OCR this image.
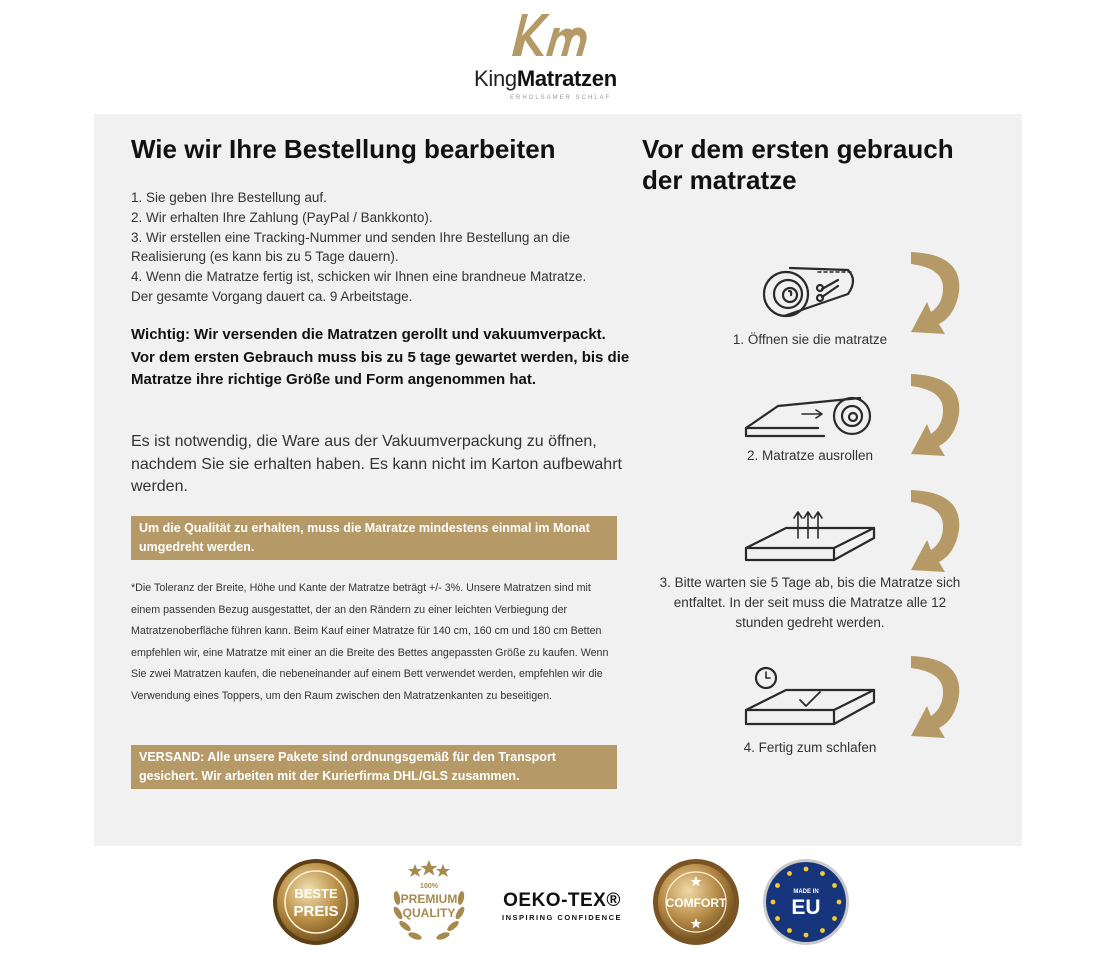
KingMatratzen
ERHOLSAMER SCHLAF
Wie wir Ihre Bestellung bearbeiten
1. Sie geben Ihre Bestellung auf.
2. Wir erhalten Ihre Zahlung (PayPal / Bankkonto).
3. Wir erstellen eine Tracking-Nummer und senden Ihre Bestellung an die
Realisierung (es kann bis zu 5 Tage dauern).
4. Wenn die Matratze fertig ist, schicken wir Ihnen eine brandneue Matratze.
Der gesamte Vorgang dauert ca. 9 Arbeitstage.
Wichtig: Wir versenden die Matratzen gerollt und vakuumverpackt. Vor dem ersten Gebrauch muss bis zu 5 tage gewartet werden, bis die Matratze ihre richtige Größe und Form angenommen hat.
Es ist notwendig, die Ware aus der Vakuumverpackung zu öffnen, nachdem Sie sie erhalten haben. Es kann nicht im Karton aufbewahrt werden.
Um die Qualität zu erhalten, muss die Matratze mindestens einmal im Monat umgedreht werden.
*Die Toleranz der Breite, Höhe und Kante der Matratze beträgt +/- 3%. Unsere Matratzen sind mit einem passenden Bezug ausgestattet, der an den Rändern zu einer leichten Verbiegung der Matratzenoberfläche führen kann. Beim Kauf einer Matratze für 140 cm, 160 cm und 180 cm Betten empfehlen wir, eine Matratze mit einer an die Breite des Bettes angepassten Größe zu kaufen. Wenn Sie zwei Matratzen kaufen, die nebeneinander auf einem Bett verwendet werden, empfehlen wir die Verwendung eines Toppers, um den Raum zwischen den Matratzenkanten zu beseitigen.
VERSAND: Alle unsere Pakete sind ordnungsgemäß für den Transport gesichert. Wir arbeiten mit der Kurierfirma DHL/GLS zusammen.
Vor dem ersten gebrauch der matratze
1. Öffnen sie die matratze
2. Matratze ausrollen
3. Bitte warten sie 5 Tage ab, bis die Matratze sich entfaltet. In der seit muss die Matratze alle 12 stunden gedreht werden.
4. Fertig zum schlafen
BESTE
PREIS
100%
PREMIUM
QUALITY
OEKO-TEX®
INSPIRING CONFIDENCE
COMFORT
MADE IN
EU
